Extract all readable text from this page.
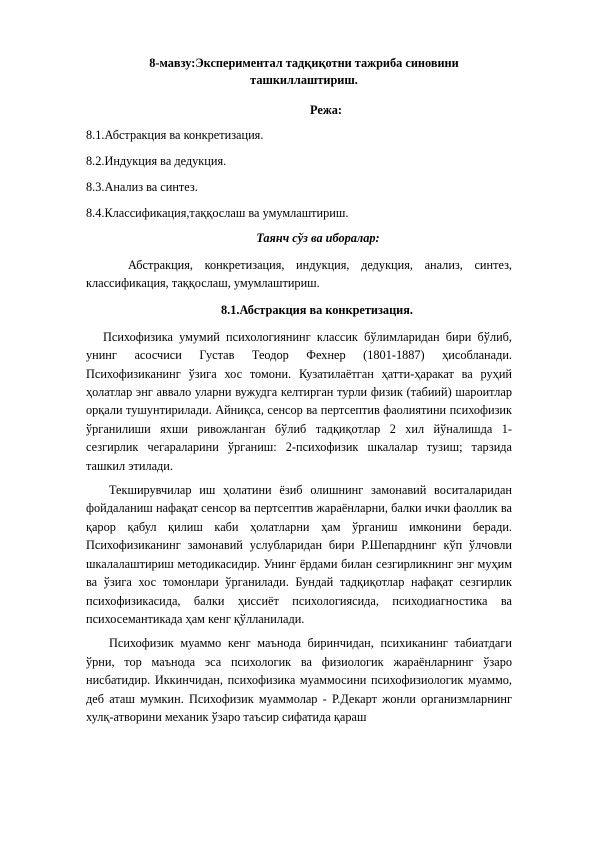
8-мавзу:Экспериментал тадқиқотни тажриба синовини
ташкиллаштириш.
Режа:
8.1.Абстракция ва конкретизация.
8.2.Индукция ва дедукция.
8.3.Анализ ва синтез.
8.4.Классификация,таққослаш ва умумлаштириш.
Таянч сўз ва иборалар:

Абстракция, конкретизация, индукция, дедукция, анализ, синтез, классификация, таққослаш, умумлаштириш.

8.1.Абстракция ва конкретизация.

Психофизика умумий психологиянинг классик бўлимларидан бири бўлиб, унинг асосчиси Густав Теодор Фехнер (1801-1887) ҳисобланади. Психофизиканинг ўзига хос томони. Кузатилаётган ҳатти-ҳаракат ва руҳий ҳолатлар энг аввало уларни вужудга келтирган турли физик (табиий) шароитлар орқали тушунтирилади. Айниқса, сенсор ва пертсептив фаолиятини психофизик ўрганилиши яхши ривожланган бўлиб тадқиқотлар 2 хил йўналишда 1-сезгирлик чегараларини ўрганиш: 2-психофизик шкалалар тузиш; тарзида ташкил этилади.

Текширувчилар иш ҳолатини ёзиб олишнинг замонавий воситаларидан фойдаланиш нафақат сенсор ва пертсептив жараёнларни, балки ички фаоллик ва қарор қабул қилиш каби ҳолатларни ҳам ўрганиш имконини беради. Психофизиканинг замонавий услубларидан бири Р.Шепарднинг кўп ўлчовли шкалалаштириш методикасидир. Унинг ёрдами билан сезгирликнинг энг муҳим ва ўзига хос томонлари ўрганилади. Бундай тадқиқотлар нафақат сезгирлик психофизикасида, балки ҳиссиёт психологиясида, психодиагностика ва психосемантикада ҳам кенг қўлланилади.

Психофизик муаммо кенг маънода биринчидан, психиканинг табиатдаги ўрни, тор маънода эса психологик ва физиологик жараёнларнинг ўзаро нисбатидир. Иккинчидан, психофизика муаммосини психофизиологик муаммо, деб аташ мумкин. Психофизик муаммолар - Р.Декарт жонли организмларнинг хулқ-атворини механик ўзаро таъсир сифатида қараш
